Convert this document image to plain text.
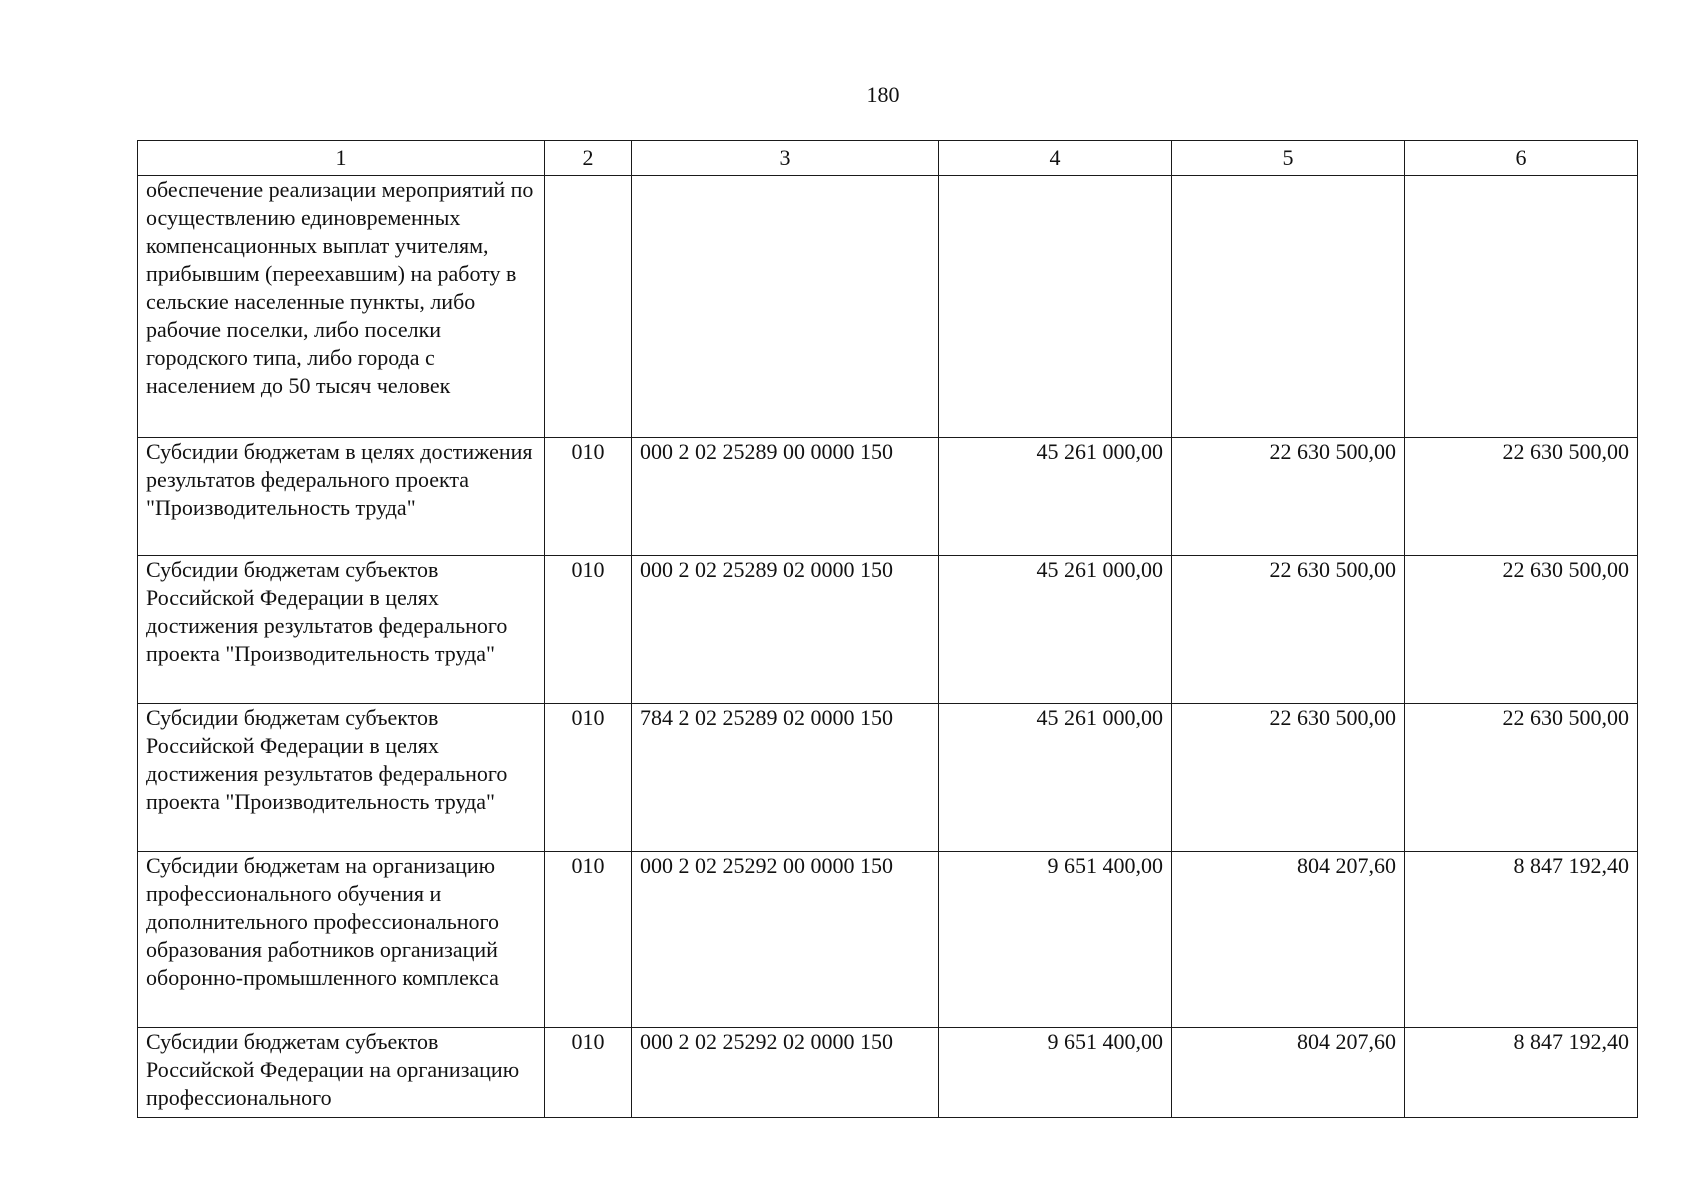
180
1	2	3	4	5	6
обеспечение реализации мероприятий по осуществлению единовременных компенсационных выплат учителям, прибывшим (переехавшим) на работу в сельские населенные пункты, либо рабочие поселки, либо поселки городского типа, либо города с населением до 50 тысяч человек					
Субсидии бюджетам в целях достижения результатов федерального проекта "Производительность труда"	010	000 2 02 25289 00 0000 150	45 261 000,00	22 630 500,00	22 630 500,00
Субсидии бюджетам субъектов Российской Федерации в целях достижения результатов федерального проекта "Производительность труда"	010	000 2 02 25289 02 0000 150	45 261 000,00	22 630 500,00	22 630 500,00
Субсидии бюджетам субъектов Российской Федерации в целях достижения результатов федерального проекта "Производительность труда"	010	784 2 02 25289 02 0000 150	45 261 000,00	22 630 500,00	22 630 500,00
Субсидии бюджетам на организацию профессионального обучения и дополнительного профессионального образования работников организаций оборонно-промышленного комплекса	010	000 2 02 25292 00 0000 150	9 651 400,00	804 207,60	8 847 192,40
Субсидии бюджетам субъектов Российской Федерации на организацию профессионального	010	000 2 02 25292 02 0000 150	9 651 400,00	804 207,60	8 847 192,40
